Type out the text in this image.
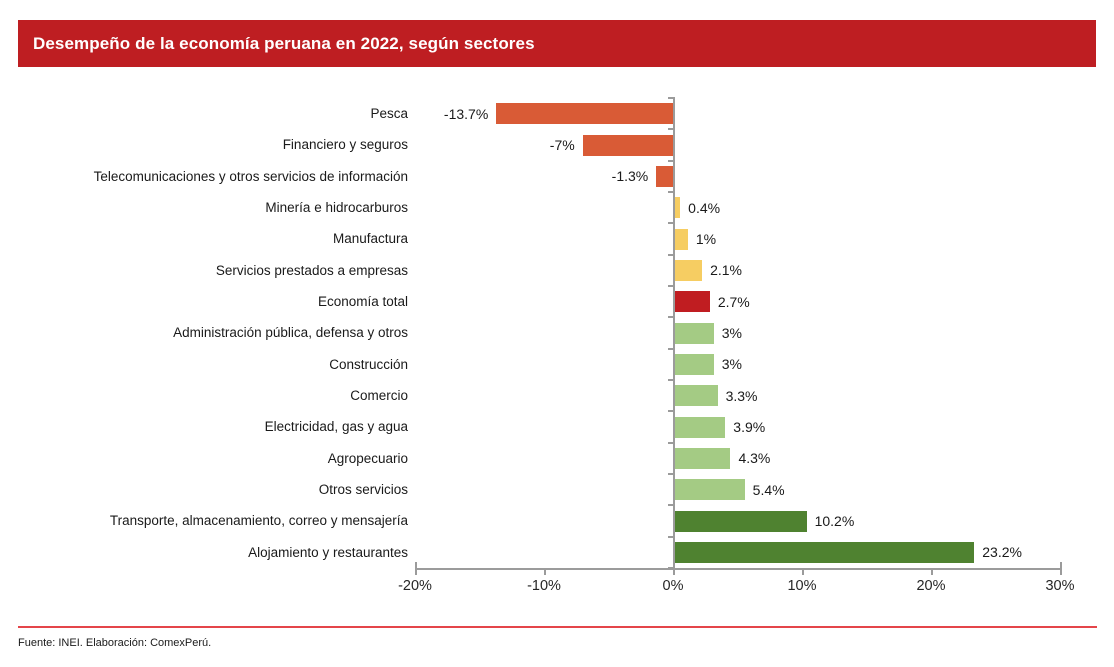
Desempeño de la economía peruana en 2022, según sectores
Pesca	-13.7%
Financiero y seguros	-7%
Telecomunicaciones y otros servicios de información	-1.3%
Minería e hidrocarburos	0.4%
Manufactura	1%
Servicios prestados a empresas	2.1%
Economía total	2.7%
Administración pública, defensa y otros	3%
Construcción	3%
Comercio	3.3%
Electricidad, gas y agua	3.9%
Agropecuario	4.3%
Otros servicios	5.4%
Transporte, almacenamiento, correo y mensajería	10.2%
Alojamiento y restaurantes	23.2%
-20%	-10%	0%	10%	20%	30%
Fuente: INEI. Elaboración: ComexPerú.
